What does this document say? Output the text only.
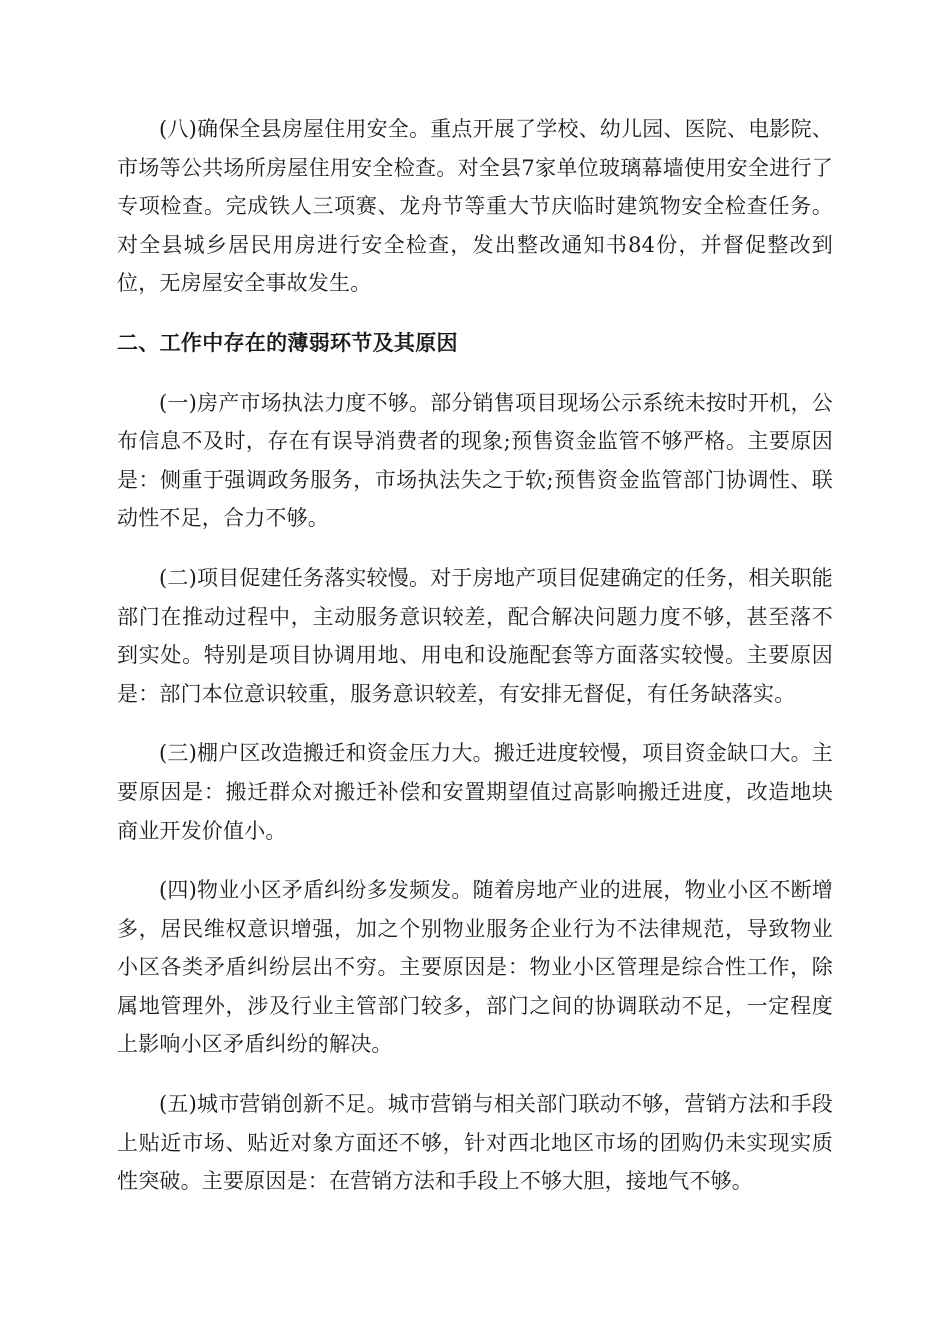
(八)确保全县房屋住用安全。重点开展了学校、幼儿园、医院、电影院、市场等公共场所房屋住用安全检查。对全县7家单位玻璃幕墙使用安全进行了专项检查。完成铁人三项赛、龙舟节等重大节庆临时建筑物安全检查任务。对全县城乡居民用房进行安全检查，发出整改通知书84份，并督促整改到位，无房屋安全事故发生。

二、工作中存在的薄弱环节及其原因

(一)房产市场执法力度不够。部分销售项目现场公示系统未按时开机，公布信息不及时，存在有误导消费者的现象;预售资金监管不够严格。主要原因是：侧重于强调政务服务，市场执法失之于软;预售资金监管部门协调性、联动性不足，合力不够。

(二)项目促建任务落实较慢。对于房地产项目促建确定的任务，相关职能部门在推动过程中，主动服务意识较差，配合解决问题力度不够，甚至落不到实处。特别是项目协调用地、用电和设施配套等方面落实较慢。主要原因是：部门本位意识较重，服务意识较差，有安排无督促，有任务缺落实。

(三)棚户区改造搬迁和资金压力大。搬迁进度较慢，项目资金缺口大。主要原因是：搬迁群众对搬迁补偿和安置期望值过高影响搬迁进度，改造地块商业开发价值小。

(四)物业小区矛盾纠纷多发频发。随着房地产业的进展，物业小区不断增多，居民维权意识增强，加之个别物业服务企业行为不法律规范，导致物业小区各类矛盾纠纷层出不穷。主要原因是：物业小区管理是综合性工作，除属地管理外，涉及行业主管部门较多，部门之间的协调联动不足，一定程度上影响小区矛盾纠纷的解决。

(五)城市营销创新不足。城市营销与相关部门联动不够，营销方法和手段上贴近市场、贴近对象方面还不够，针对西北地区市场的团购仍未实现实质性突破。主要原因是：在营销方法和手段上不够大胆，接地气不够。
